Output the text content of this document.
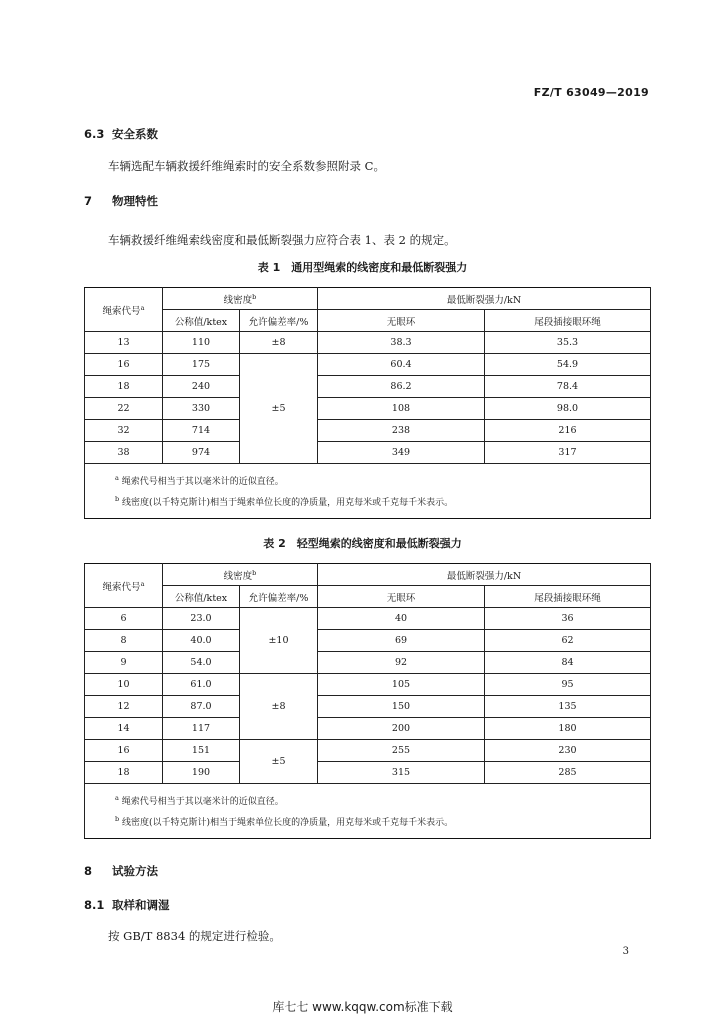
FZ/T 63049—2019
6.3 安全系数
车辆选配车辆救援纤维绳索时的安全系数参照附录 C。
7 物理特性
车辆救援纤维绳索线密度和最低断裂强力应符合表 1、表 2 的规定。
表 1　通用型绳索的线密度和最低断裂强力
绳索代号$^a$	线密度$^b$		最低断裂强力/kN	
	公称值/ktex	允许偏差率/%	无眼环	尾段插接眼环绳
13	110	±8	38.3	35.3
16	175	±5	60.4	54.9
18	240		86.2	78.4
22	330		108	98.0
32	714		238	216
38	974		349	317

$^a$ 绳索代号相当于其以毫米计的近似直径。
$^b$ 线密度(以千特克斯计)相当于绳索单位长度的净质量，用克每米或千克每千米表示。				
表 2　轻型绳索的线密度和最低断裂强力
绳索代号$^a$	线密度$^b$		最低断裂强力/kN	
	公称值/ktex	允许偏差率/%	无眼环	尾段插接眼环绳
6	23.0	±10	40	36
8	40.0		69	62
9	54.0		92	84
10	61.0	±8	105	95
12	87.0		150	135
14	117		200	180
16	151	±5	255	230
18	190		315	285

$^a$ 绳索代号相当于其以毫米计的近似直径。
$^b$ 线密度(以千特克斯计)相当于绳索单位长度的净质量，用克每米或千克每千米表示。				
8 试验方法
8.1 取样和调湿
按 GB/T 8834 的规定进行检验。
3
库七七 www.kqqw.com标准下载
